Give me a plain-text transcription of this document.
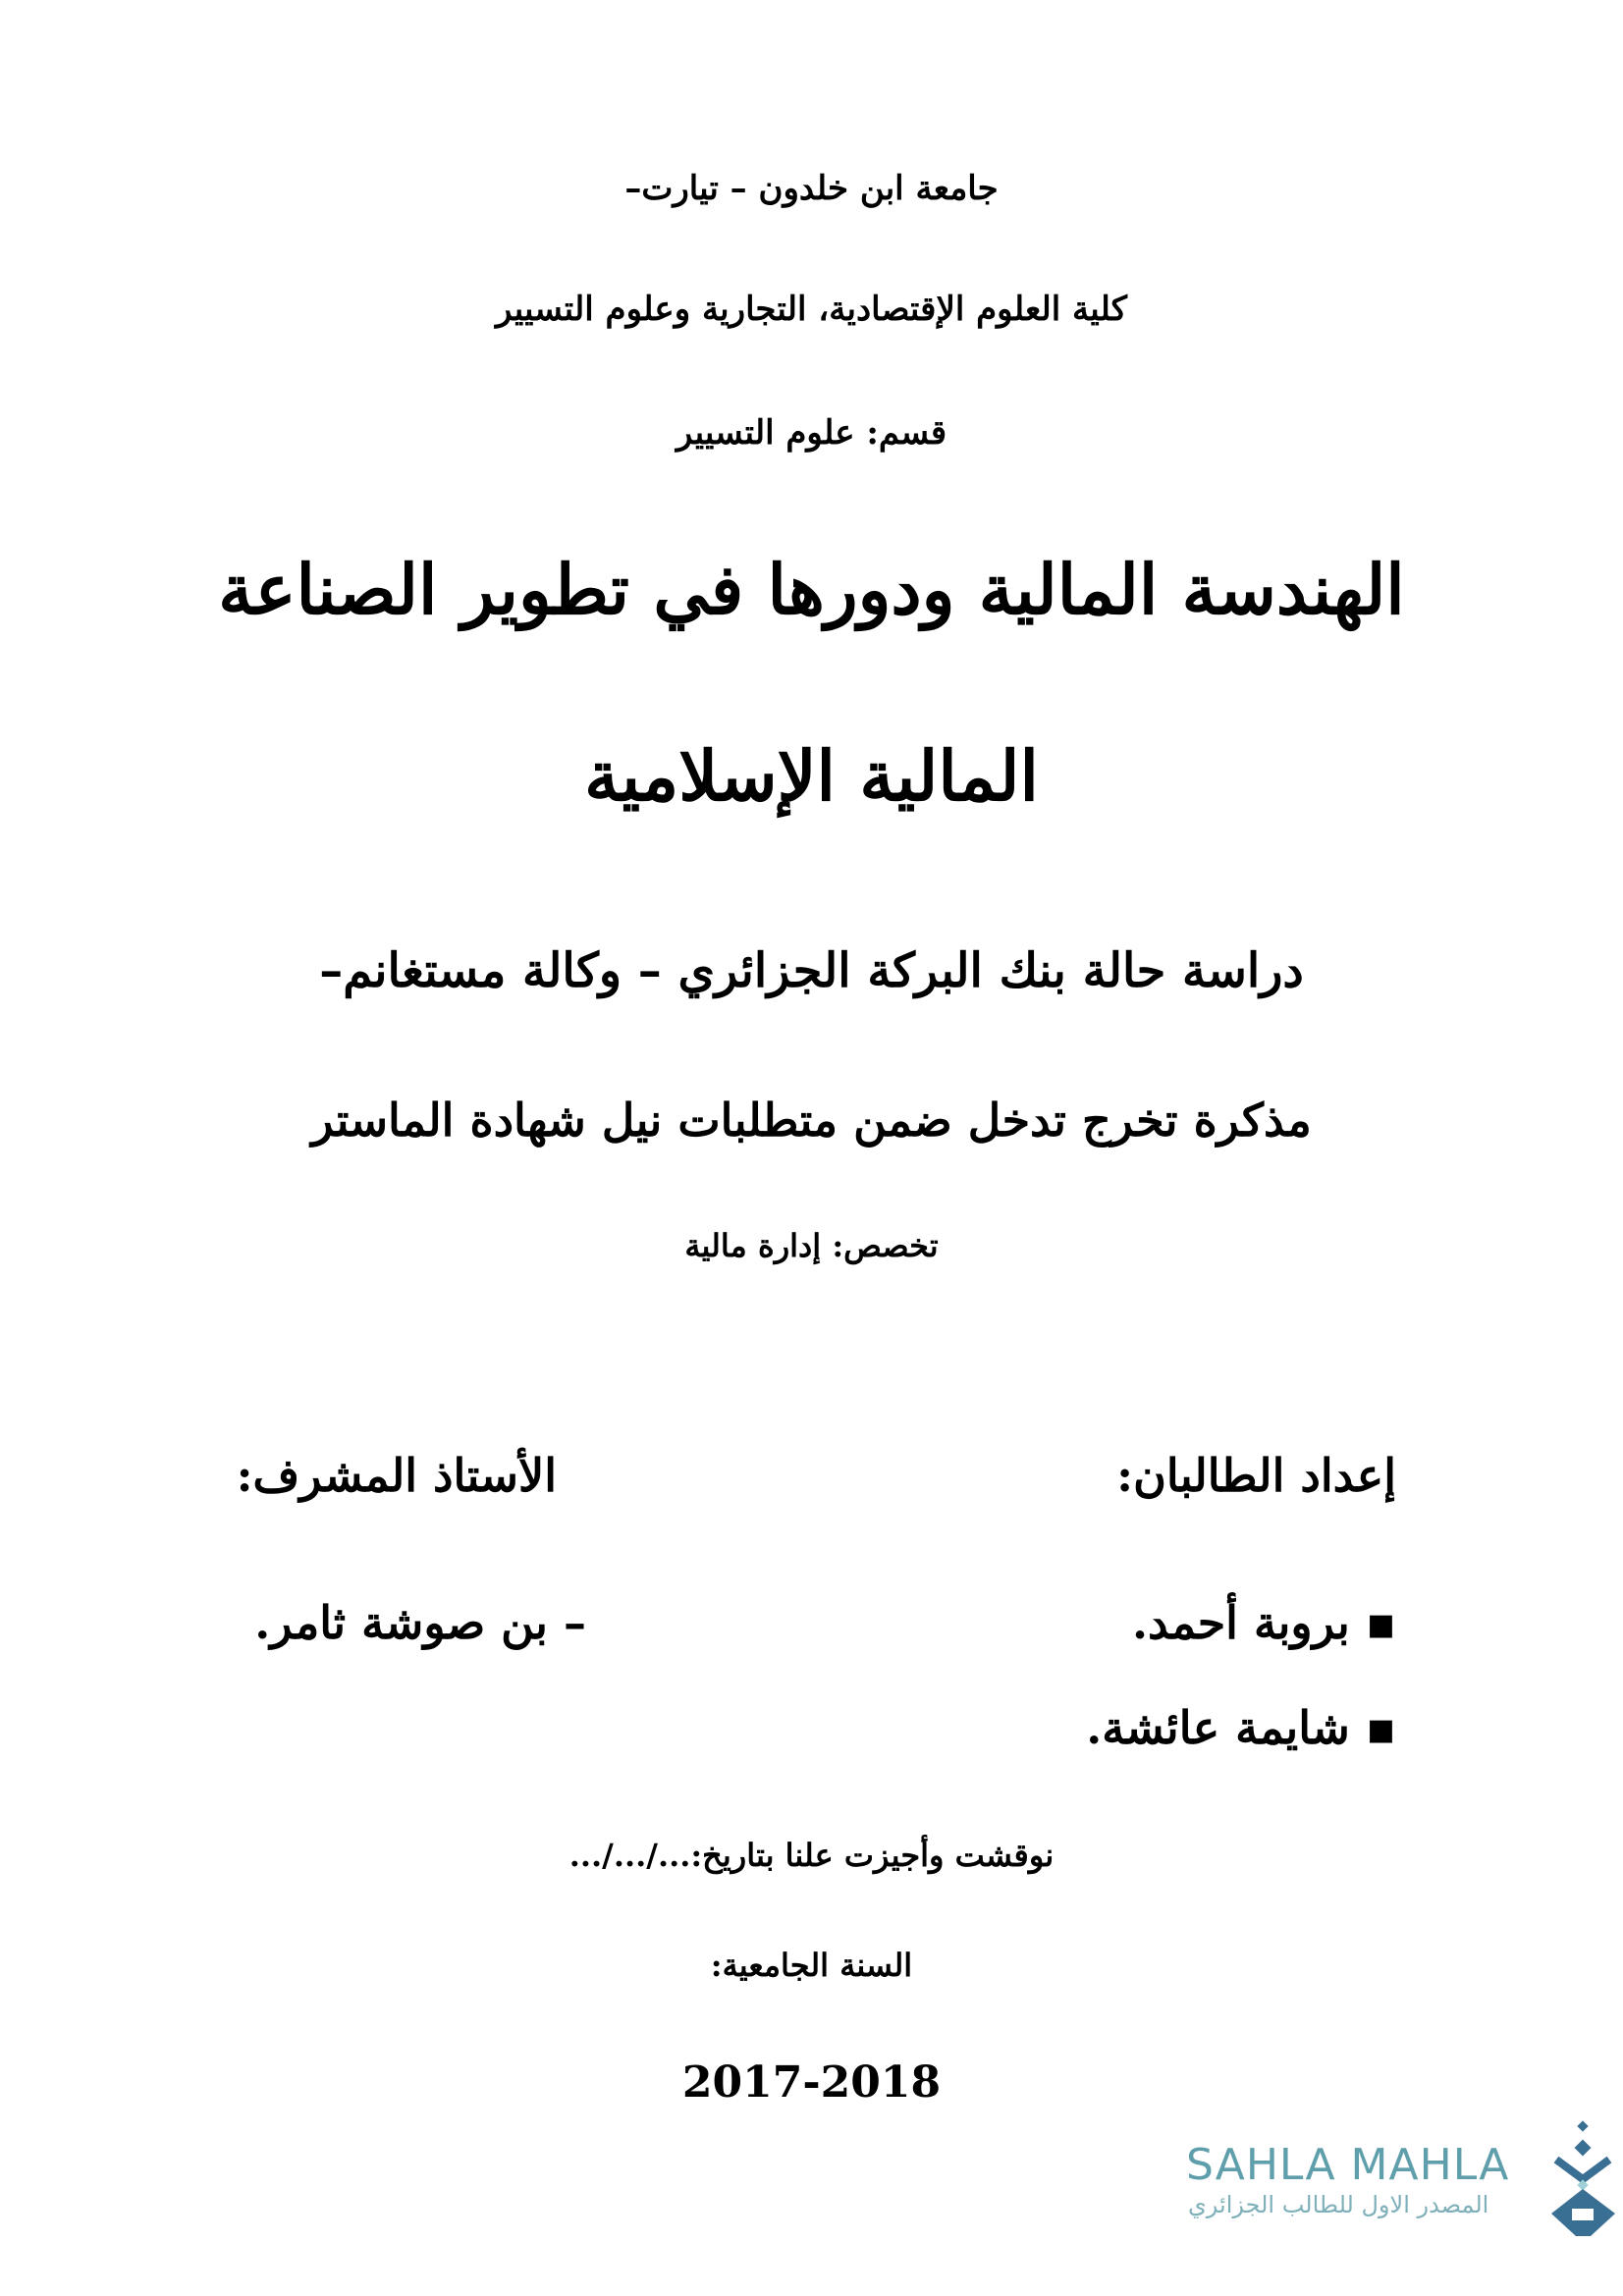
جامعة ابن خلدون – تيارت–
كلية العلوم الإقتصادية، التجارية وعلوم التسيير
قسم: علوم التسيير
الهندسة المالية ودورها في تطوير الصناعة
المالية الإسلامية
دراسة حالة بنك البركة الجزائري – وكالة مستغانم–
مذكرة تخرج تدخل ضمن متطلبات نيل شهادة الماستر
تخصص: إدارة مالية
إعداد الطالبان:
الأستاذ المشرف:
▪ بروبة أحمد.
– بن صوشة ثامر.
▪ شايمة عائشة.
نوقشت وأجيزت علنا بتاريخ:.../.../...
السنة الجامعية:
2017-2018
SAHLA MAHLA
المصدر الاول للطالب الجزائري
